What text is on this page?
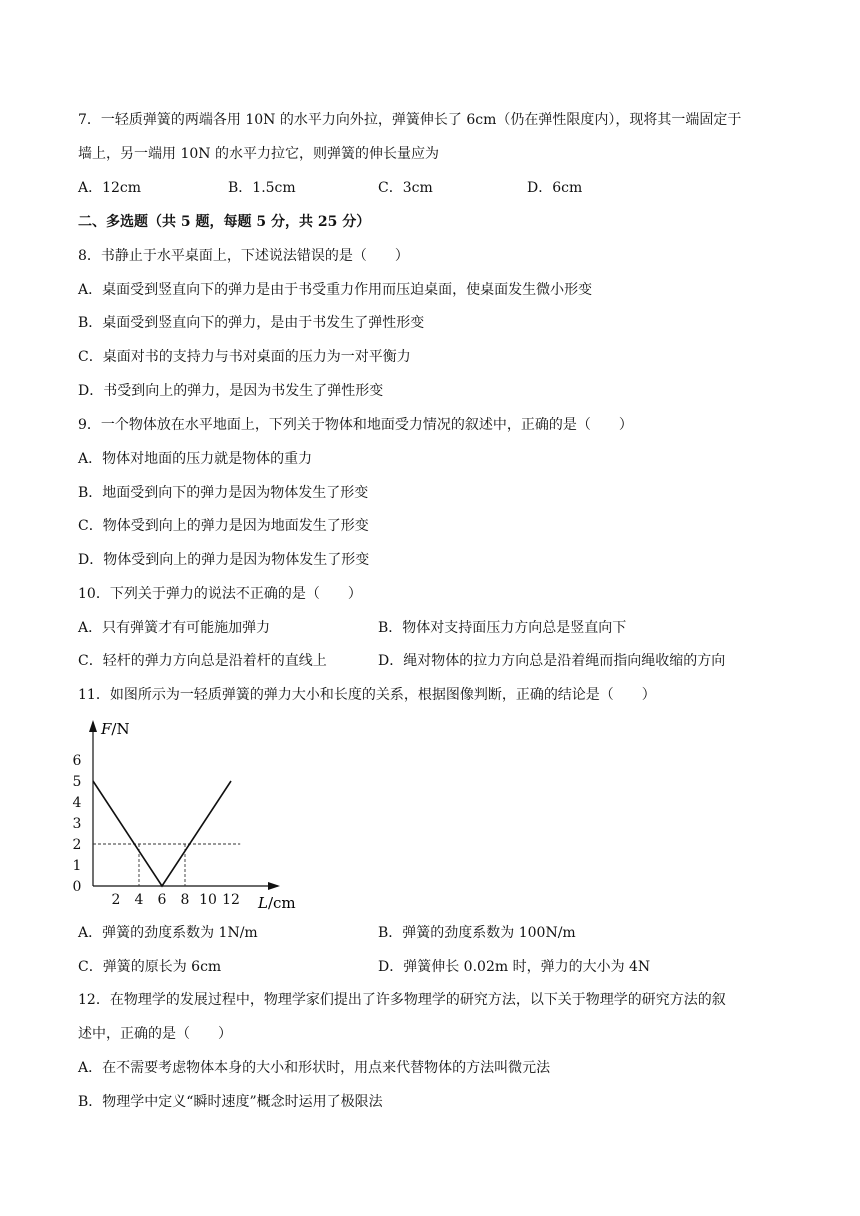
7．一轻质弹簧的两端各用 10N 的水平力向外拉，弹簧伸长了 6cm（仍在弹性限度内），现将其一端固定于
墙上，另一端用 10N 的水平力拉它，则弹簧的伸长量应为
A．12cm	B．1.5cm	C．3cm	D．6cm
二、多选题（共 5 题，每题 5 分，共 25 分）
8．书静止于水平桌面上，下述说法错误的是（　　）
A．桌面受到竖直向下的弹力是由于书受重力作用而压迫桌面，使桌面发生微小形变
B．桌面受到竖直向下的弹力，是由于书发生了弹性形变
C．桌面对书的支持力与书对桌面的压力为一对平衡力
D．书受到向上的弹力，是因为书发生了弹性形变
9．一个物体放在水平地面上，下列关于物体和地面受力情况的叙述中，正确的是（　　）
A．物体对地面的压力就是物体的重力
B．地面受到向下的弹力是因为物体发生了形变
C．物体受到向上的弹力是因为地面发生了形变
D．物体受到向上的弹力是因为物体发生了形变
10．下列关于弹力的说法不正确的是（　　）
A．只有弹簧才有可能施加弹力	B．物体对支持面压力方向总是竖直向下
C．轻杆的弹力方向总是沿着杆的直线上	D．绳对物体的拉力方向总是沿着绳而指向绳收缩的方向
11．如图所示为一轻质弹簧的弹力大小和长度的关系，根据图像判断，正确的结论是（　　）
0
1
2
3
4
5
6
2 4 6 8 10 12
F/N
L/cm
A．弹簧的劲度系数为 1N/m	B．弹簧的劲度系数为 100N/m
C．弹簧的原长为 6cm	D．弹簧伸长 0.02m 时，弹力的大小为 4N
12．在物理学的发展过程中，物理学家们提出了许多物理学的研究方法，以下关于物理学的研究方法的叙
述中，正确的是（　　）
A．在不需要考虑物体本身的大小和形状时，用点来代替物体的方法叫微元法
B．物理学中定义“瞬时速度”概念时运用了极限法
